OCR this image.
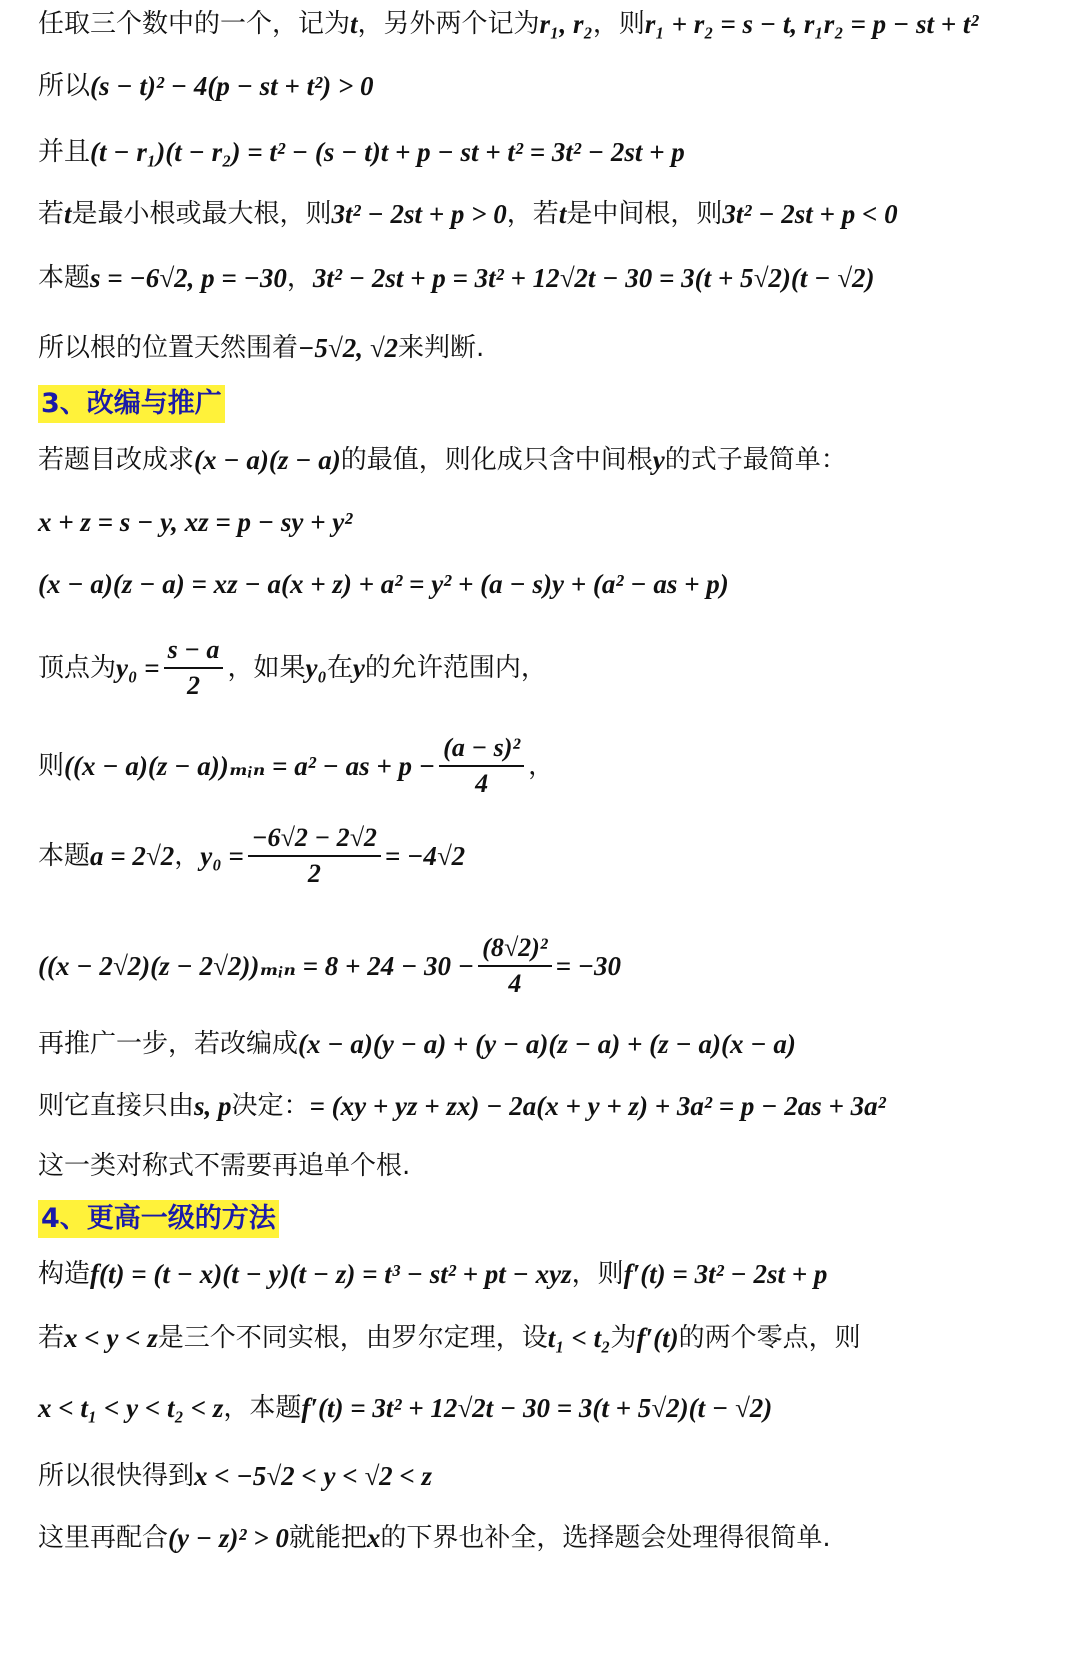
任取三个数中的一个，记为 t ，另外两个记为 r₁, r₂ ，则 r₁ + r₂ = s − t, r₁r₂ = p − st + t²
所以 (s − t)² − 4(p − st + t²) > 0
并且 (t − r₁)(t − r₂) = t² − (s − t)t + p − st + t² = 3t² − 2st + p
若 t 是最小根或最大根，则 3t² − 2st + p > 0 ，若 t 是中间根，则 3t² − 2st + p < 0
本题 s = −6√2, p = −30 ， 3t² − 2st + p = 3t² + 12√2t − 30 = 3(t + 5√2)(t − √2)
所以根的位置天然围着 −5√2, √2 来判断.
3、改编与推广
若题目改成求 (x − a)(z − a) 的最值，则化成只含中间根 y 的式子最简单：
x + z = s − y, xz = p − sy + y²
(x − a)(z − a) = xz − a(x + z) + a² = y² + (a − s)y + (a² − as + p)
顶点为 $y_0 = \frac{s - a}{2}$ ，如果 y₀ 在 y 的允许范围内，
则 ((x − a)(z − a))ₘᵢₙ = a² − as + $p - \frac{\text{(a − s)²}}{4}$ ，
本题 a = 2√2 ， $y_0 = \frac{-6√2 - 2√2}{2} = -4√2$
((x − 2√2)(z − 2√2))ₘᵢₙ = $8 + 24 - 30 - \frac{\text{(8√2)²}}{4} = -30$
再推广一步，若改编成 (x − a)(y − a) + (y − a)(z − a) + (z − a)(x − a)
则它直接只由 s, p 决定： = (xy + yz + zx) − 2a(x + y + z) + 3a² = p − 2as + 3a²
这一类对称式不需要再追单个根.
4、更高一级的方法
构造 f(t) = (t − x)(t − y)(t − z) = t³ − st² + pt − xyz ，则 f′(t) = 3t² − 2st + p
若 x < y < z 是三个不同实根，由罗尔定理，设 t₁ < t₂ 为 f′(t) 的两个零点，则
x < t₁ < y < t₂ < z ，本题 f′(t) = 3t² + 12√2t − 30 = 3(t + 5√2)(t − √2)
所以很快得到 x < −5√2 < y < √2 < z
这里再配合 (y − z)² > 0 就能把 x 的下界也补全，选择题会处理得很简单.
